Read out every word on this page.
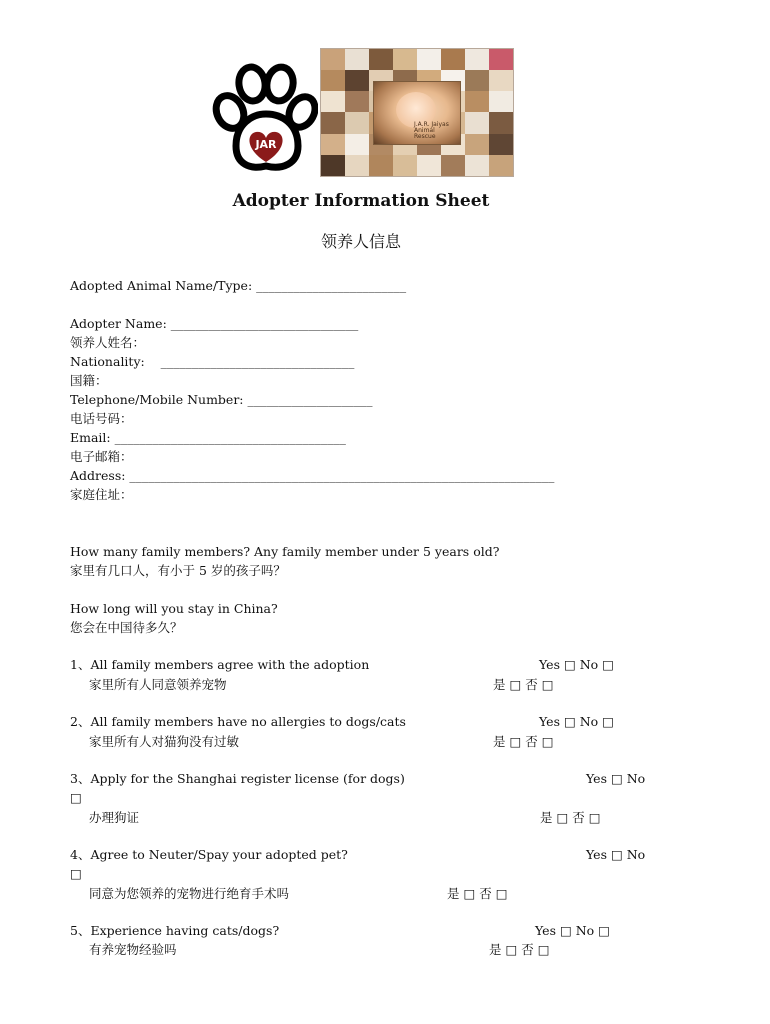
JAR
J.A.R. Jaiyas Animal Rescue
Adopter Information Sheet
领养人信息
Adopted Animal Name/Type: ________________________
Adopter Name: ______________________________
领养人姓名：
Nationality:    _______________________________
国籍：
Telephone/Mobile Number: ____________________
电话号码：
Email: _____________________________________
电子邮箱：
Address: ____________________________________________________________________
家庭住址：
How many family members? Any family member under 5 years old?
家里有几口人，有小于 5 岁的孩子吗？
How long will you stay in China?
您会在中国待多久？
1、All family members agree with the adoption	Yes □ No □
家里所有人同意领养宠物	是 □ 否 □
2、All family members have no allergies to dogs/cats	Yes □ No □
家里所有人对猫狗没有过敏	是 □ 否 □
3、Apply for the Shanghai register license (for dogs)	Yes □ No
□
办理狗证	是 □ 否 □
4、Agree to Neuter/Spay your adopted pet?	Yes □ No
□
同意为您领养的宠物进行绝育手术吗	是 □ 否 □
5、Experience having cats/dogs?	Yes □ No □
有养宠物经验吗	是 □ 否 □
